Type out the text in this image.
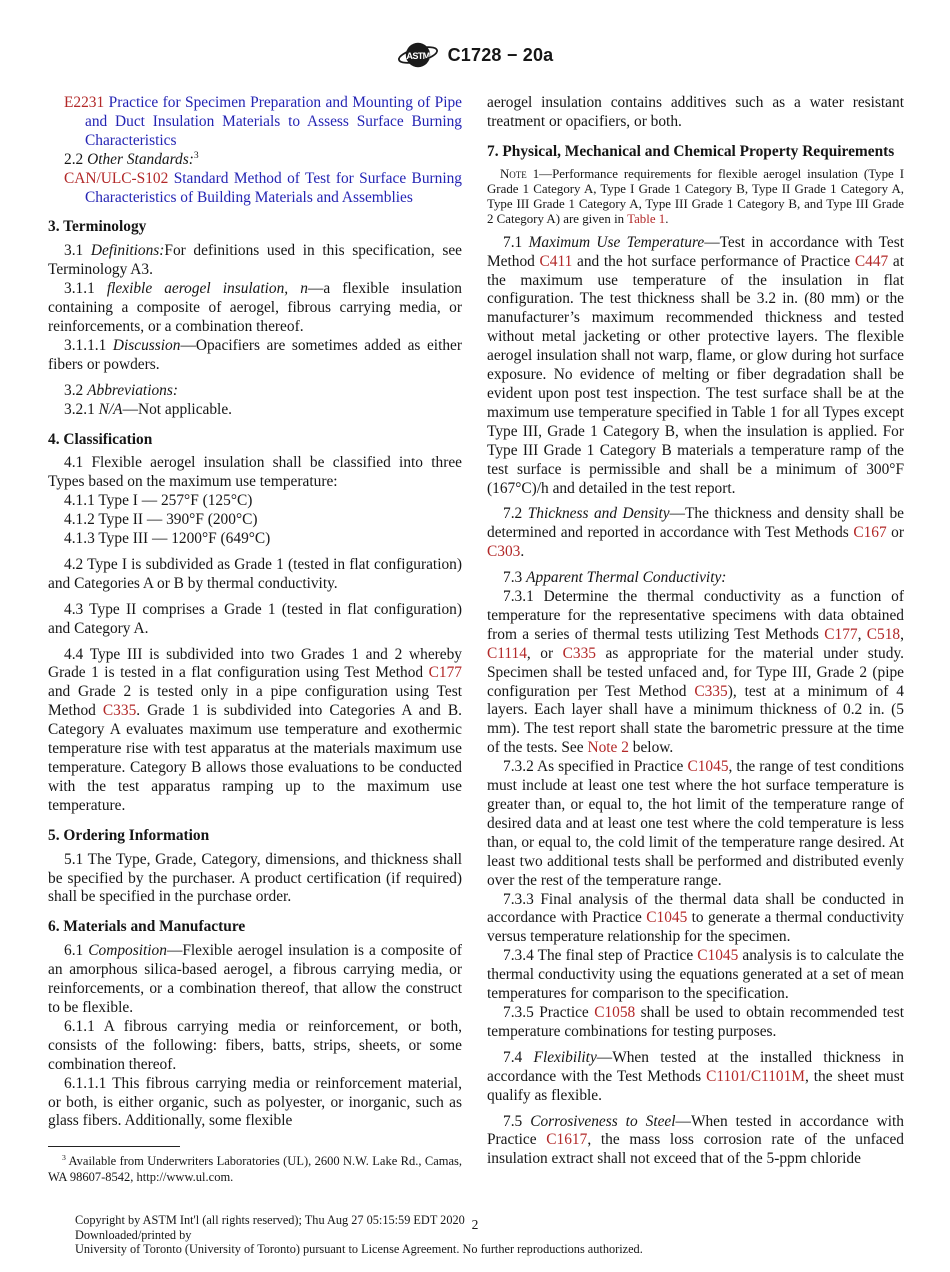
ASTM C1728 − 20a
E2231 Practice for Specimen Preparation and Mounting of Pipe and Duct Insulation Materials to Assess Surface Burning Characteristics
2.2 Other Standards:$^3$
CAN/ULC-S102 Standard Method of Test for Surface Burning Characteristics of Building Materials and Assemblies
3. Terminology
3.1 Definitions:For definitions used in this specification, see Terminology A3.
3.1.1 flexible aerogel insulation, n—a flexible insulation containing a composite of aerogel, fibrous carrying media, or reinforcements, or a combination thereof.
3.1.1.1 Discussion—Opacifiers are sometimes added as either fibers or powders.
3.2 Abbreviations:
3.2.1 N/A—Not applicable.
4. Classification
4.1 Flexible aerogel insulation shall be classified into three Types based on the maximum use temperature:
4.1.1 Type I — 257°F (125°C)
4.1.2 Type II — 390°F (200°C)
4.1.3 Type III — 1200°F (649°C)
4.2 Type I is subdivided as Grade 1 (tested in flat configuration) and Categories A or B by thermal conductivity.
4.3 Type II comprises a Grade 1 (tested in flat configuration) and Category A.
4.4 Type III is subdivided into two Grades 1 and 2 whereby Grade 1 is tested in a flat configuration using Test Method C177 and Grade 2 is tested only in a pipe configuration using Test Method C335. Grade 1 is subdivided into Categories A and B. Category A evaluates maximum use temperature and exothermic temperature rise with test apparatus at the materials maximum use temperature. Category B allows those evaluations to be conducted with the test apparatus ramping up to the maximum use temperature.
5. Ordering Information
5.1 The Type, Grade, Category, dimensions, and thickness shall be specified by the purchaser. A product certification (if required) shall be specified in the purchase order.
6. Materials and Manufacture
6.1 Composition—Flexible aerogel insulation is a composite of an amorphous silica-based aerogel, a fibrous carrying media, or reinforcements, or a combination thereof, that allow the construct to be flexible.
6.1.1 A fibrous carrying media or reinforcement, or both, consists of the following: fibers, batts, strips, sheets, or some combination thereof.
6.1.1.1 This fibrous carrying media or reinforcement material, or both, is either organic, such as polyester, or inorganic, such as glass fibers. Additionally, some flexible
aerogel insulation contains additives such as a water resistant treatment or opacifiers, or both.
7. Physical, Mechanical and Chemical Property Requirements
Note 1—Performance requirements for flexible aerogel insulation (Type I Grade 1 Category A, Type I Grade 1 Category B, Type II Grade 1 Category A, Type III Grade 1 Category A, Type III Grade 1 Category B, and Type III Grade 2 Category A) are given in Table 1.
7.1 Maximum Use Temperature—Test in accordance with Test Method C411 and the hot surface performance of Practice C447 at the maximum use temperature of the insulation in flat configuration. The test thickness shall be 3.2 in. (80 mm) or the manufacturer’s maximum recommended thickness and tested without metal jacketing or other protective layers. The flexible aerogel insulation shall not warp, flame, or glow during hot surface exposure. No evidence of melting or fiber degradation shall be evident upon post test inspection. The test surface shall be at the maximum use temperature specified in Table 1 for all Types except Type III, Grade 1 Category B, when the insulation is applied. For Type III Grade 1 Category B materials a temperature ramp of the test surface is permissible and shall be a minimum of 300°F (167°C)/h and detailed in the test report.
7.2 Thickness and Density—The thickness and density shall be determined and reported in accordance with Test Methods C167 or C303.
7.3 Apparent Thermal Conductivity:
7.3.1 Determine the thermal conductivity as a function of temperature for the representative specimens with data obtained from a series of thermal tests utilizing Test Methods C177, C518, C1114, or C335 as appropriate for the material under study. Specimen shall be tested unfaced and, for Type III, Grade 2 (pipe configuration per Test Method C335), test at a minimum of 4 layers. Each layer shall have a minimum thickness of 0.2 in. (5 mm). The test report shall state the barometric pressure at the time of the tests. See Note 2 below.
7.3.2 As specified in Practice C1045, the range of test conditions must include at least one test where the hot surface temperature is greater than, or equal to, the hot limit of the temperature range of desired data and at least one test where the cold temperature is less than, or equal to, the cold limit of the temperature range desired. At least two additional tests shall be performed and distributed evenly over the rest of the temperature range.
7.3.3 Final analysis of the thermal data shall be conducted in accordance with Practice C1045 to generate a thermal conductivity versus temperature relationship for the specimen.
7.3.4 The final step of Practice C1045 analysis is to calculate the thermal conductivity using the equations generated at a set of mean temperatures for comparison to the specification.
7.3.5 Practice C1058 shall be used to obtain recommended test temperature combinations for testing purposes.
7.4 Flexibility—When tested at the installed thickness in accordance with the Test Methods C1101/C1101M, the sheet must qualify as flexible.
7.5 Corrosiveness to Steel—When tested in accordance with Practice C1617, the mass loss corrosion rate of the unfaced insulation extract shall not exceed that of the 5-ppm chloride
$^3$ Available from Underwriters Laboratories (UL), 2600 N.W. Lake Rd., Camas, WA 98607-8542, http://www.ul.com.
2
Copyright by ASTM Int'l (all rights reserved); Thu Aug 27 05:15:59 EDT 2020
Downloaded/printed by
University of Toronto (University of Toronto) pursuant to License Agreement. No further reproductions authorized.
